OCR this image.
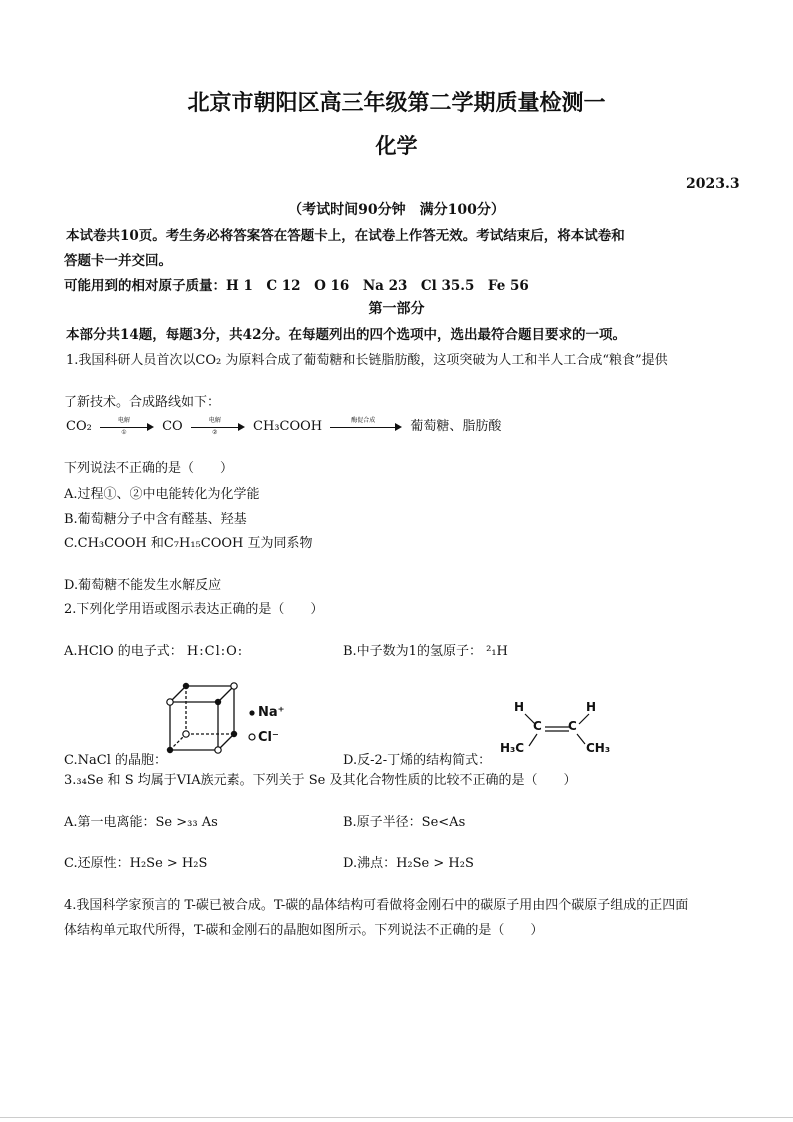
北京市朝阳区高三年级第二学期质量检测一
化学
2023.3
（考试时间90分钟　满分100分）
本试卷共10页。考生务必将答案答在答题卡上，在试卷上作答无效。考试结束后，将本试卷和
答题卡一并交回。
可能用到的相对原子质量：H 1　C 12　O 16　Na 23　Cl 35.5　Fe 56
第一部分
本部分共14题，每题3分，共42分。在每题列出的四个选项中，选出最符合题目要求的一项。
1.我国科研人员首次以CO₂ 为原料合成了葡萄糖和长链脂肪酸，这项突破为人工和半人工合成“粮食”提供
了新技术。合成路线如下：
CO₂	电解
①	CO	电解
②	CH₃COOH	酶促合成	葡萄糖、脂肪酸
下列说法不正确的是（　　）
A.过程①、②中电能转化为化学能
B.葡萄糖分子中含有醛基、羟基
C.CH₃COOH 和C₇H₁₅COOH 互为同系物
D.葡萄糖不能发生水解反应
2.下列化学用语或图示表达正确的是（　　）
A.HClO 的电子式： H:Cl:O:	B.中子数为1的氢原子： ²₁H
Na⁺
Cl⁻
C.NaCl 的晶胞：	D.反-2-丁烯的结构简式：
H	H
C C
H₃C	CH₃
3.₃₄Se 和 S 均属于VIA族元素。下列关于 Se 及其化合物性质的比较不正确的是（　　）
A.第一电离能：Se >₃₃ As	B.原子半径：Se<As
C.还原性：H₂Se > H₂S	D.沸点：H₂Se > H₂S
4.我国科学家预言的 T-碳已被合成。T-碳的晶体结构可看做将金刚石中的碳原子用由四个碳原子组成的正四面
体结构单元取代所得，T-碳和金刚石的晶胞如图所示。下列说法不正确的是（　　）
